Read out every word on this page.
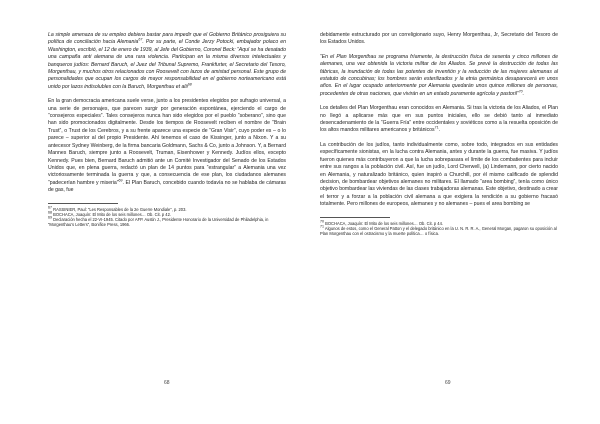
La simple amenaza de su empleo debiera bastar para impedir que el Gobierno Británico prosiguiera su política de conciliación hacia Alemania$^{67}$. Por su parte, el Conde Jerzy Potocki, embajador polaco en Washington, escribió, el 12 de enero de 1939, al Jefe del Gobierno, Coronel Beck: “Aquí se ha desatado una campaña anti alemana de una rara violencia. Participan en la misma diversos intelectuales y banqueros judíos: Bernard Baruch, el Juez del Tribunal Supremo, Frankfurter, el Secretario del Tesoro, Morgenthau, y muchos otros relacionados con Roosevelt con lazos de amistad personal. Este grupo de personalidades que ocupan los cargos de mayor responsabilidad en el gobierno norteamericano está unido por lazos indisolubles con la Baruch, Morgenthau et alii$^{68}$

En la gran democracia americana suele verse, junto a los presidentes elegidos por sufragio universal, a una serie de personajes, que parecen surgir por generación espontánea, ejerciendo el cargo de “consejeros especiales”. Tales consejeros nunca han sido elegidos por el pueblo “soberano”, sino que han sido promocionados digitalmente. Desde los tiempos de Roosevelt reciben el nombre de “Brain Trust”, o Trust de los Cerebros, y a su frente aparece una especie de “Gran Visir”, cuyo poder es – o lo parece – superior al del propio Presidente. Ahí tenemos el caso de Kissinger, junto a Nixon. Y a su antecesor Sydney Weinberg, de la firma bancaria Goldmann, Sachs & Co, junto a Johnson. Y, a Bernard Mannes Baruch, siempre junto a Roosevelt, Truman, Eisenhower y Kennedy. Judíos ellos, excepto Kennedy. Pues bien, Bernard Baruch admitió ante un Comité Investigador del Senado de los Estados Unidos que, en plena guerra, redactó un plan de 14 puntos para “estrangular” a Alemania una vez victoriosamente terminada la guerra y que, a consecuencia de ese plan, los ciudadanos alemanes “padecerían hambre y miseria”$^{69}$. El Plan Baruch, concebido cuando todavía no se hablaba de cámaras de gas, fue

$^{67}$ RASSINIER, Paul: “Les Responsables de la 2e Guerre Mondiale”, p. 203.

$^{68}$ BOCHACA, Joaquín: El Mito de los seis millones… Ob. Cit. p 42.

$^{69}$ Declaración hecha el 22-VI-1945. Citado por AFP. Austin J., Presidente Honorario de la Universidad de Philadelphia, in “Morgenthau’s Letters”, Bonifice Press, 1966.

68

debidamente estructurado por un correligionario suyo, Henry Morgenthau, Jr, Secretario del Tesoro de los Estados Unidos.

“En el Plan Morgenthau se programa fríamente, la destrucción física de sesenta y cinco millones de alemanes, una vez obtenida la victoria militar de los Aliados. Se prevé la destrucción de todas las fábricas, la inundación de todas las potentes de inventión y la reducción de las mujeres alemanas al estatuto de concubinas; los hombres serán esterilizados y la etnia germánica desaparecerá en unos años. En el lugar ocupado anteriormente por Alemania quedarán unos quince millones de personas, procedentes de otras naciones, que vivirán en un estado puramente agrícola y pastoril”$^{70}$.

Los detalles del Plan Morgenthau eran conocidos en Alemania. Si tras la victoria de los Aliados, el Plan no llegó a aplicarse más que en sus puntos iniciales, ello se debió tanto al inmediato desencadenamiento de la “Guerra Fría” entre occidentales y soviéticos como a la resuelta oposición de los altos mandos militares americanos y británicos$^{71}$.

La contribución de los judíos, tanto individualmente como, sobre todo, integrados en sus entidades específicamente sionistas, en la lucha contra Alemania, antes y durante la guerra, fue masiva. Y judíos fueron quienes más contribuyeron a que la lucha sobrepasara el límite de los combatientes para incluir entre sus rangos a la población civil. Así, fue un judío, Lord Cherwell, (a) Lindemann, por cierto nacido en Alemania, y naturalizado británico, quien inspiró a Churchill, por él mismo calificado de splendid decision, de bombardear objetivos alemanes no militares. El llamado “area bombing”, tenía como único objetivo bombardear las viviendas de las clases trabajadoras alemanas. Este objetivo, destinado a crear el terror y a forzar a la población civil alemana a que exigiera la rendición a su gobierno fracasó totalmente. Pero millones de europeos, alemanes y no alemanes – pues el area bombing se

$^{70}$ BOCHACA, Joaquín: El Mito de los seis millones… Ob. Cit. p 44.

$^{71}$ Algunos de estos, como el General Patton y el delegado británico en la U. N. R. R. A., General Morgan, pagaron su oposición al Plan Morgenthau con el ostracismo y la muerte política… o física.

69
